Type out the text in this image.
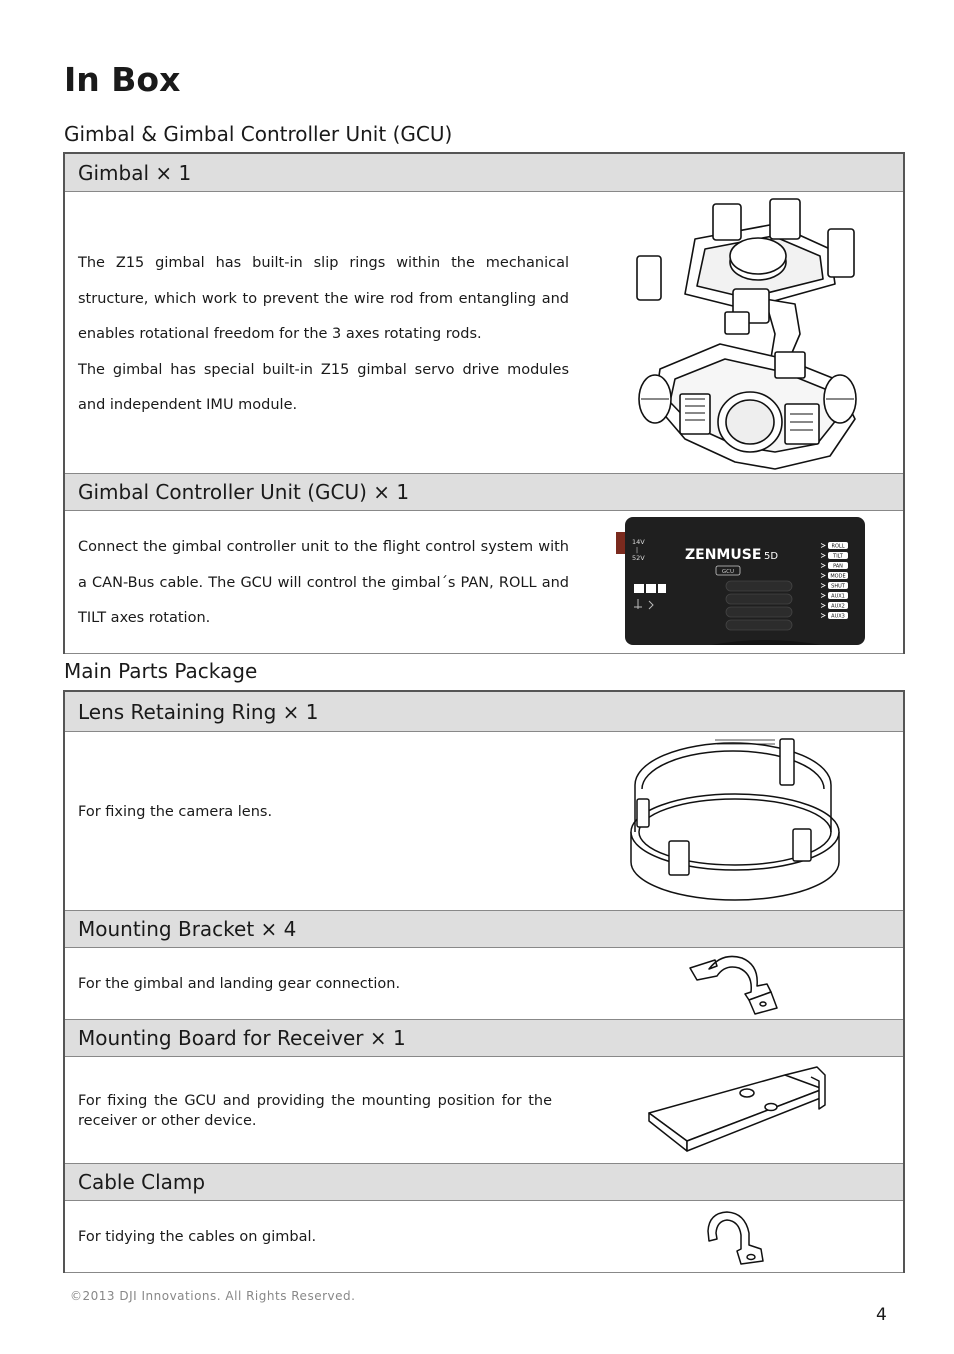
In Box
Gimbal & Gimbal Controller Unit (GCU)
Gimbal × 1

The Z15 gimbal has built-in slip rings within the mechanical structure, which work to prevent the wire rod from entangling and enables rotational freedom for the 3 axes rotating rods.

The gimbal has special built-in Z15 gimbal servo drive modules and independent IMU module.

Gimbal Controller Unit (GCU) × 1

Connect the gimbal controller unit to the flight control system with a CAN-Bus cable. The GCU will control the gimbal´s PAN, ROLL and TILT axes rotation.

14V
|
52V	ZENMUSE 5D
GCU
ROLL
TILT
PAN
MODE
SHUT
AUX1
AUX2
AUX3
Main Parts Package
Lens Retaining Ring × 1

For fixing the camera lens.

Mounting Bracket × 4

For the gimbal and landing gear connection.

Mounting Board for Receiver × 1

For fixing the GCU and providing the mounting position for the receiver or other device.

Cable Clamp

For tidying the cables on gimbal.

©2013 DJI Innovations. All Rights Reserved.
4
